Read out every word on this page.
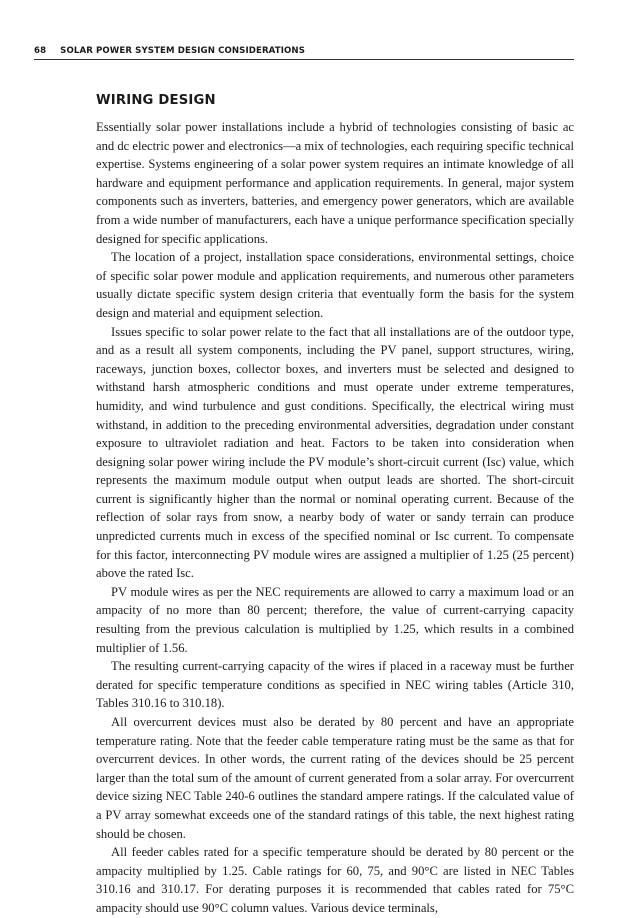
68 SOLAR POWER SYSTEM DESIGN CONSIDERATIONS
WIRING DESIGN

Essentially solar power installations include a hybrid of technologies consisting of basic ac and dc electric power and electronics—a mix of technologies, each requiring specific technical expertise. Systems engineering of a solar power system requires an intimate knowledge of all hardware and equipment performance and application requirements. In general, major system components such as inverters, batteries, and emergency power generators, which are available from a wide number of manufacturers, each have a unique performance specification specially designed for specific applications.

The location of a project, installation space considerations, environmental settings, choice of specific solar power module and application requirements, and numerous other parameters usually dictate specific system design criteria that eventually form the basis for the system design and material and equipment selection.

Issues specific to solar power relate to the fact that all installations are of the outdoor type, and as a result all system components, including the PV panel, support structures, wiring, raceways, junction boxes, collector boxes, and inverters must be selected and designed to withstand harsh atmospheric conditions and must operate under extreme temperatures, humidity, and wind turbulence and gust conditions. Specifically, the electrical wiring must withstand, in addition to the preceding environmental adversities, degradation under constant exposure to ultraviolet radiation and heat. Factors to be taken into consideration when designing solar power wiring include the PV module’s short-circuit current (Isc) value, which represents the maximum module output when output leads are shorted. The short-circuit current is significantly higher than the normal or nominal operating current. Because of the reflection of solar rays from snow, a nearby body of water or sandy terrain can produce unpredicted currents much in excess of the specified nominal or Isc current. To compensate for this factor, interconnecting PV module wires are assigned a multiplier of 1.25 (25 percent) above the rated Isc.

PV module wires as per the NEC requirements are allowed to carry a maximum load or an ampacity of no more than 80 percent; therefore, the value of current-carrying capacity resulting from the previous calculation is multiplied by 1.25, which results in a combined multiplier of 1.56.

The resulting current-carrying capacity of the wires if placed in a raceway must be further derated for specific temperature conditions as specified in NEC wiring tables (Article 310, Tables 310.16 to 310.18).

All overcurrent devices must also be derated by 80 percent and have an appropriate temperature rating. Note that the feeder cable temperature rating must be the same as that for overcurrent devices. In other words, the current rating of the devices should be 25 percent larger than the total sum of the amount of current generated from a solar array. For overcurrent device sizing NEC Table 240-6 outlines the standard ampere ratings. If the calculated value of a PV array somewhat exceeds one of the standard ratings of this table, the next highest rating should be chosen.

All feeder cables rated for a specific temperature should be derated by 80 percent or the ampacity multiplied by 1.25. Cable ratings for 60, 75, and 90°C are listed in NEC Tables 310.16 and 310.17. For derating purposes it is recommended that cables rated for 75°C ampacity should use 90°C column values. Various device terminals,
